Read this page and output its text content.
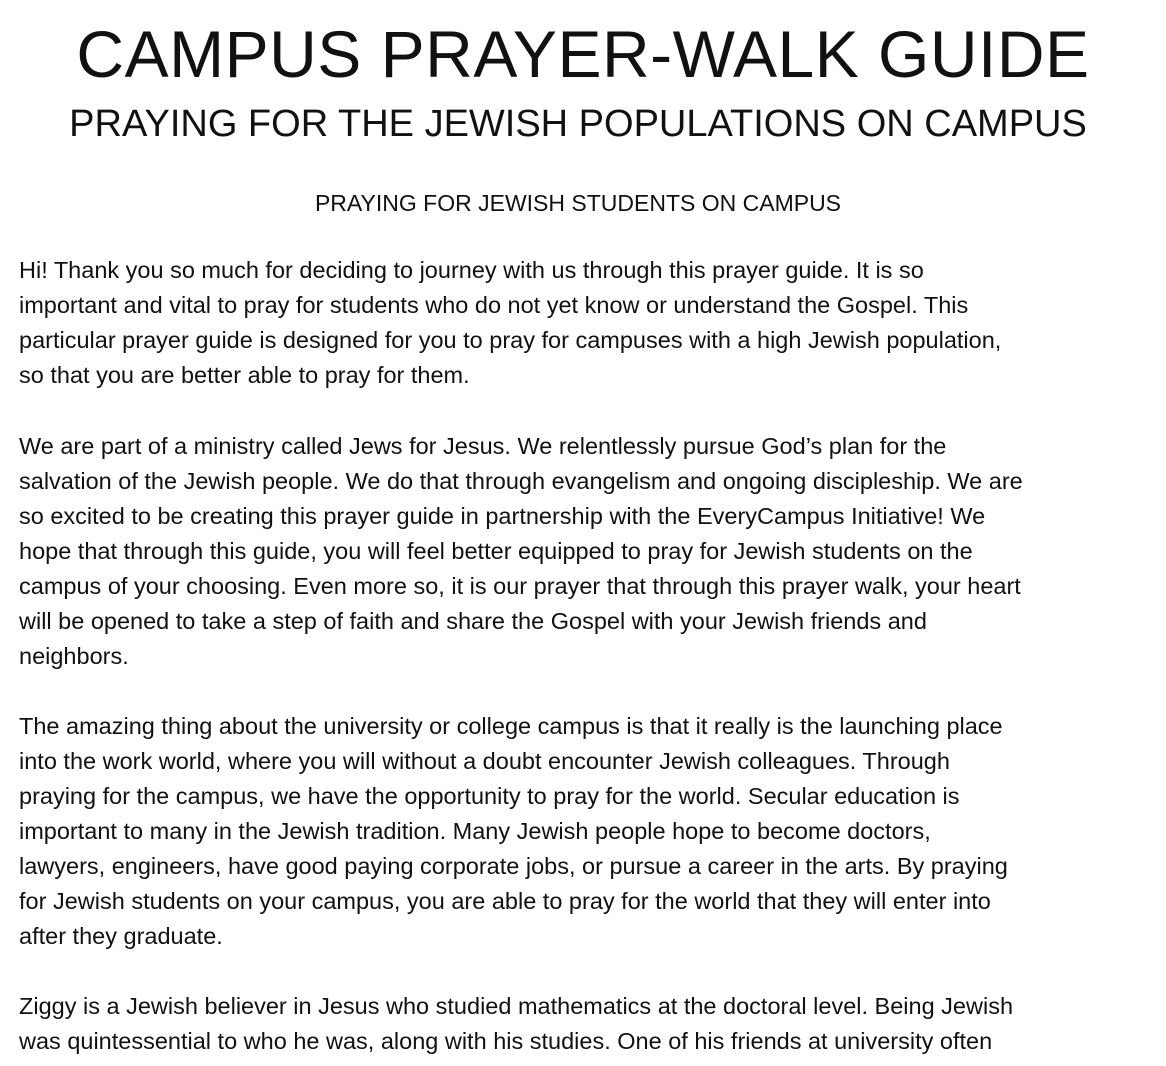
CAMPUS PRAYER-WALK GUIDE
PRAYING FOR THE JEWISH POPULATIONS ON CAMPUS
PRAYING FOR JEWISH STUDENTS ON CAMPUS
Hi! Thank you so much for deciding to journey with us through this prayer guide. It is so
important and vital to pray for students who do not yet know or understand the Gospel. This
particular prayer guide is designed for you to pray for campuses with a high Jewish population,
so that you are better able to pray for them.
We are part of a ministry called Jews for Jesus. We relentlessly pursue God’s plan for the
salvation of the Jewish people. We do that through evangelism and ongoing discipleship. We are
so excited to be creating this prayer guide in partnership with the EveryCampus Initiative! We
hope that through this guide, you will feel better equipped to pray for Jewish students on the
campus of your choosing. Even more so, it is our prayer that through this prayer walk, your heart
will be opened to take a step of faith and share the Gospel with your Jewish friends and
neighbors.
The amazing thing about the university or college campus is that it really is the launching place
into the work world, where you will without a doubt encounter Jewish colleagues. Through
praying for the campus, we have the opportunity to pray for the world. Secular education is
important to many in the Jewish tradition. Many Jewish people hope to become doctors,
lawyers, engineers, have good paying corporate jobs, or pursue a career in the arts. By praying
for Jewish students on your campus, you are able to pray for the world that they will enter into
after they graduate.
Ziggy is a Jewish believer in Jesus who studied mathematics at the doctoral level. Being Jewish
was quintessential to who he was, along with his studies. One of his friends at university often
